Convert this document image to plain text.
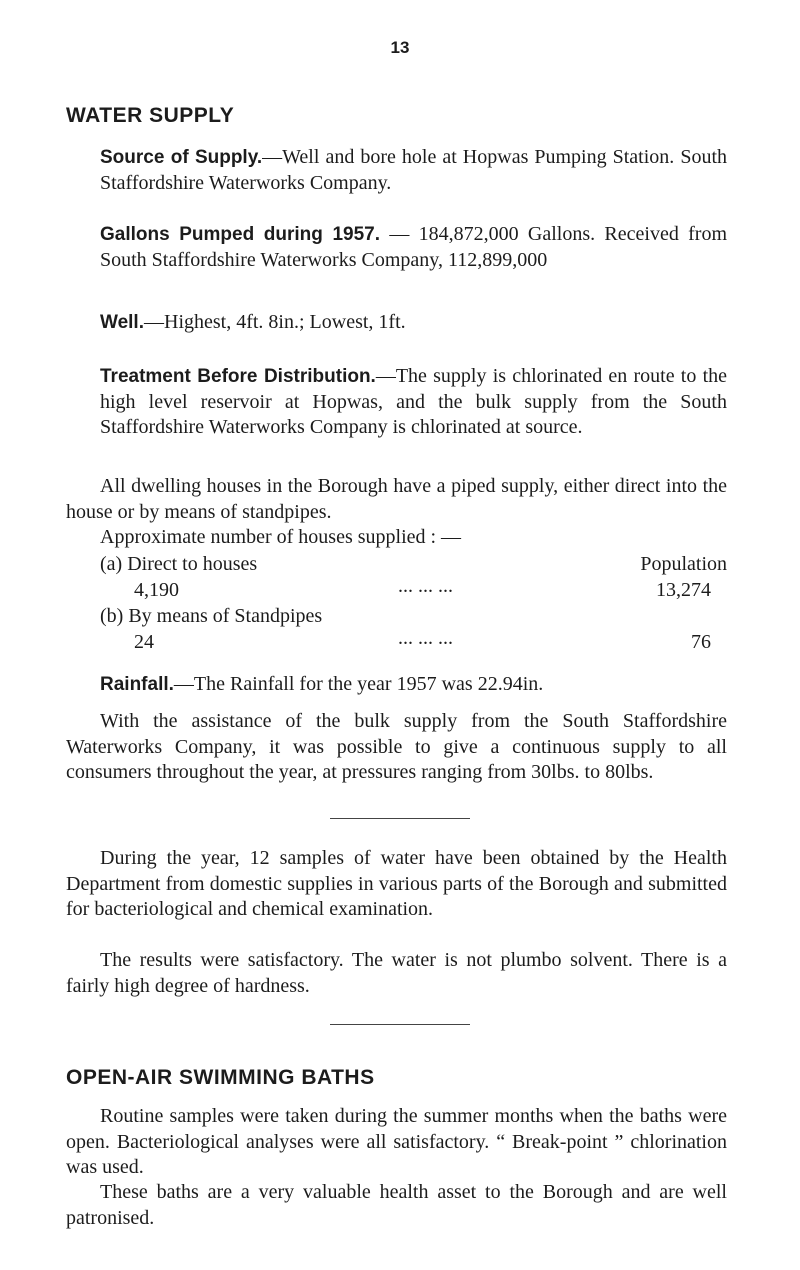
13
WATER SUPPLY

Source of Supply.—Well and bore hole at Hopwas Pumping Station. South Staffordshire Waterworks Company.

Gallons Pumped during 1957. — 184,872,000 Gallons. Received from South Staffordshire Waterworks Company, 112,899,000

Well.—Highest, 4ft. 8in.; Lowest, 1ft.

Treatment Before Distribution.—The supply is chlorinated en route to the high level reservoir at Hopwas, and the bulk supply from the South Staffordshire Waterworks Company is chlorinated at source.

All dwelling houses in the Borough have a piped supply, either direct into the house or by means of standpipes.

Approximate number of houses supplied : —
(a) Direct to houses	Population
4,190	... ... ...	13,274
(b) By means of Standpipes
24	... ... ...	76

Rainfall.—The Rainfall for the year 1957 was 22.94in.

With the assistance of the bulk supply from the South Staffordshire Waterworks Company, it was possible to give a continuous supply to all consumers throughout the year, at pressures ranging from 30lbs. to 80lbs.

During the year, 12 samples of water have been obtained by the Health Department from domestic supplies in various parts of the Borough and submitted for bacteriological and chemical examination.

The results were satisfactory. The water is not plumbo solvent. There is a fairly high degree of hardness.

OPEN-AIR SWIMMING BATHS

Routine samples were taken during the summer months when the baths were open. Bacteriological analyses were all satisfactory. “ Break-point ” chlorination was used.

These baths are a very valuable health asset to the Borough and are well patronised.
